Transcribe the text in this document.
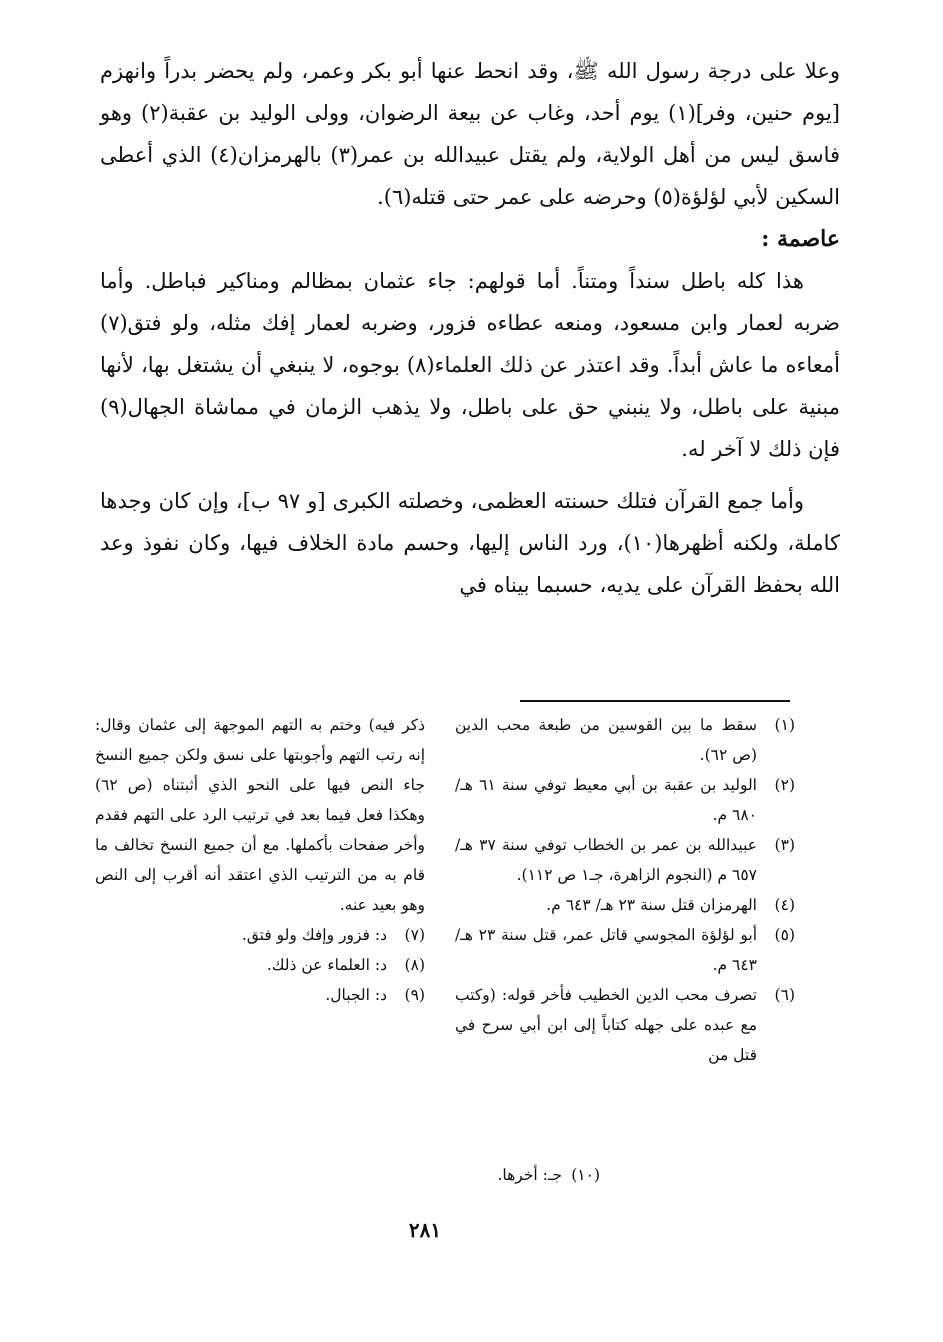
وعلا على درجة رسول الله ﷺ، وقد انحط عنها أبو بكر وعمر، ولم يحضر بدراً وانهزم [يوم حنين، وفر](١) يوم أحد، وغاب عن بيعة الرضوان، وولى الوليد بن عقبة(٢) وهو فاسق ليس من أهل الولاية، ولم يقتل عبيدالله بن عمر(٣) بالهرمزان(٤) الذي أعطى السكين لأبي لؤلؤة(٥) وحرضه على عمر حتى قتله(٦).

عاصمة :

هذا كله باطل سنداً ومتناً. أما قولهم: جاء عثمان بمظالم ومناكير فباطل. وأما ضربه لعمار وابن مسعود، ومنعه عطاءه فزور، وضربه لعمار إفك مثله، ولو فتق(٧) أمعاءه ما عاش أبداً. وقد اعتذر عن ذلك العلماء(٨) بوجوه، لا ينبغي أن يشتغل بها، لأنها مبنية على باطل، ولا ينبني حق على باطل، ولا يذهب الزمان في مماشاة الجهال(٩) فإن ذلك لا آخر له.

وأما جمع القرآن فتلك حسنته العظمى، وخصلته الكبرى [و ٩٧ ب]، وإن كان وجدها كاملة، ولكنه أظهرها(١٠)، ورد الناس إليها، وحسم مادة الخلاف فيها، وكان نفوذ وعد الله بحفظ القرآن على يديه، حسبما بيناه في

(١)
سقط ما بين القوسين من طبعة محب الدين (ص ٦٢).
(٢)
الوليد بن عقبة بن أبي معيط توفي سنة ٦١ هـ/ ٦٨٠ م.
(٣)
عبيدالله بن عمر بن الخطاب توفي سنة ٣٧ هـ/ ٦٥٧ م (النجوم الزاهرة، جـ١ ص ١١٢).
(٤)
الهرمزان قتل سنة ٢٣ هـ/ ٦٤٣ م.
(٥)
أبو لؤلؤة المجوسي قاتل عمر، قتل سنة ٢٣ هـ/ ٦٤٣ م.
(٦)
تصرف محب الدين الخطيب فأخر قوله: (وكتب مع عبده على جهله كتاباً إلى ابن أبي سرح في قتل من
ذكر فيه) وختم به التهم الموجهة إلى عثمان وقال: إنه رتب التهم وأجوبتها على نسق ولكن جميع النسخ جاء النص فيها على النحو الذي أثبتناه (ص ٦٢) وهكذا فعل فيما بعد في ترتيب الرد على التهم فقدم وأخر صفحات بأكملها. مع أن جميع النسخ تخالف ما قام به من الترتيب الذي اعتقد أنه أقرب إلى النص وهو بعيد عنه.
(٧)
د: فزور وإفك ولو فتق.
(٨)
د: العلماء عن ذلك.
(٩)
د: الجبال.
(١٠)
جـ: أخرها.
٢٨١
